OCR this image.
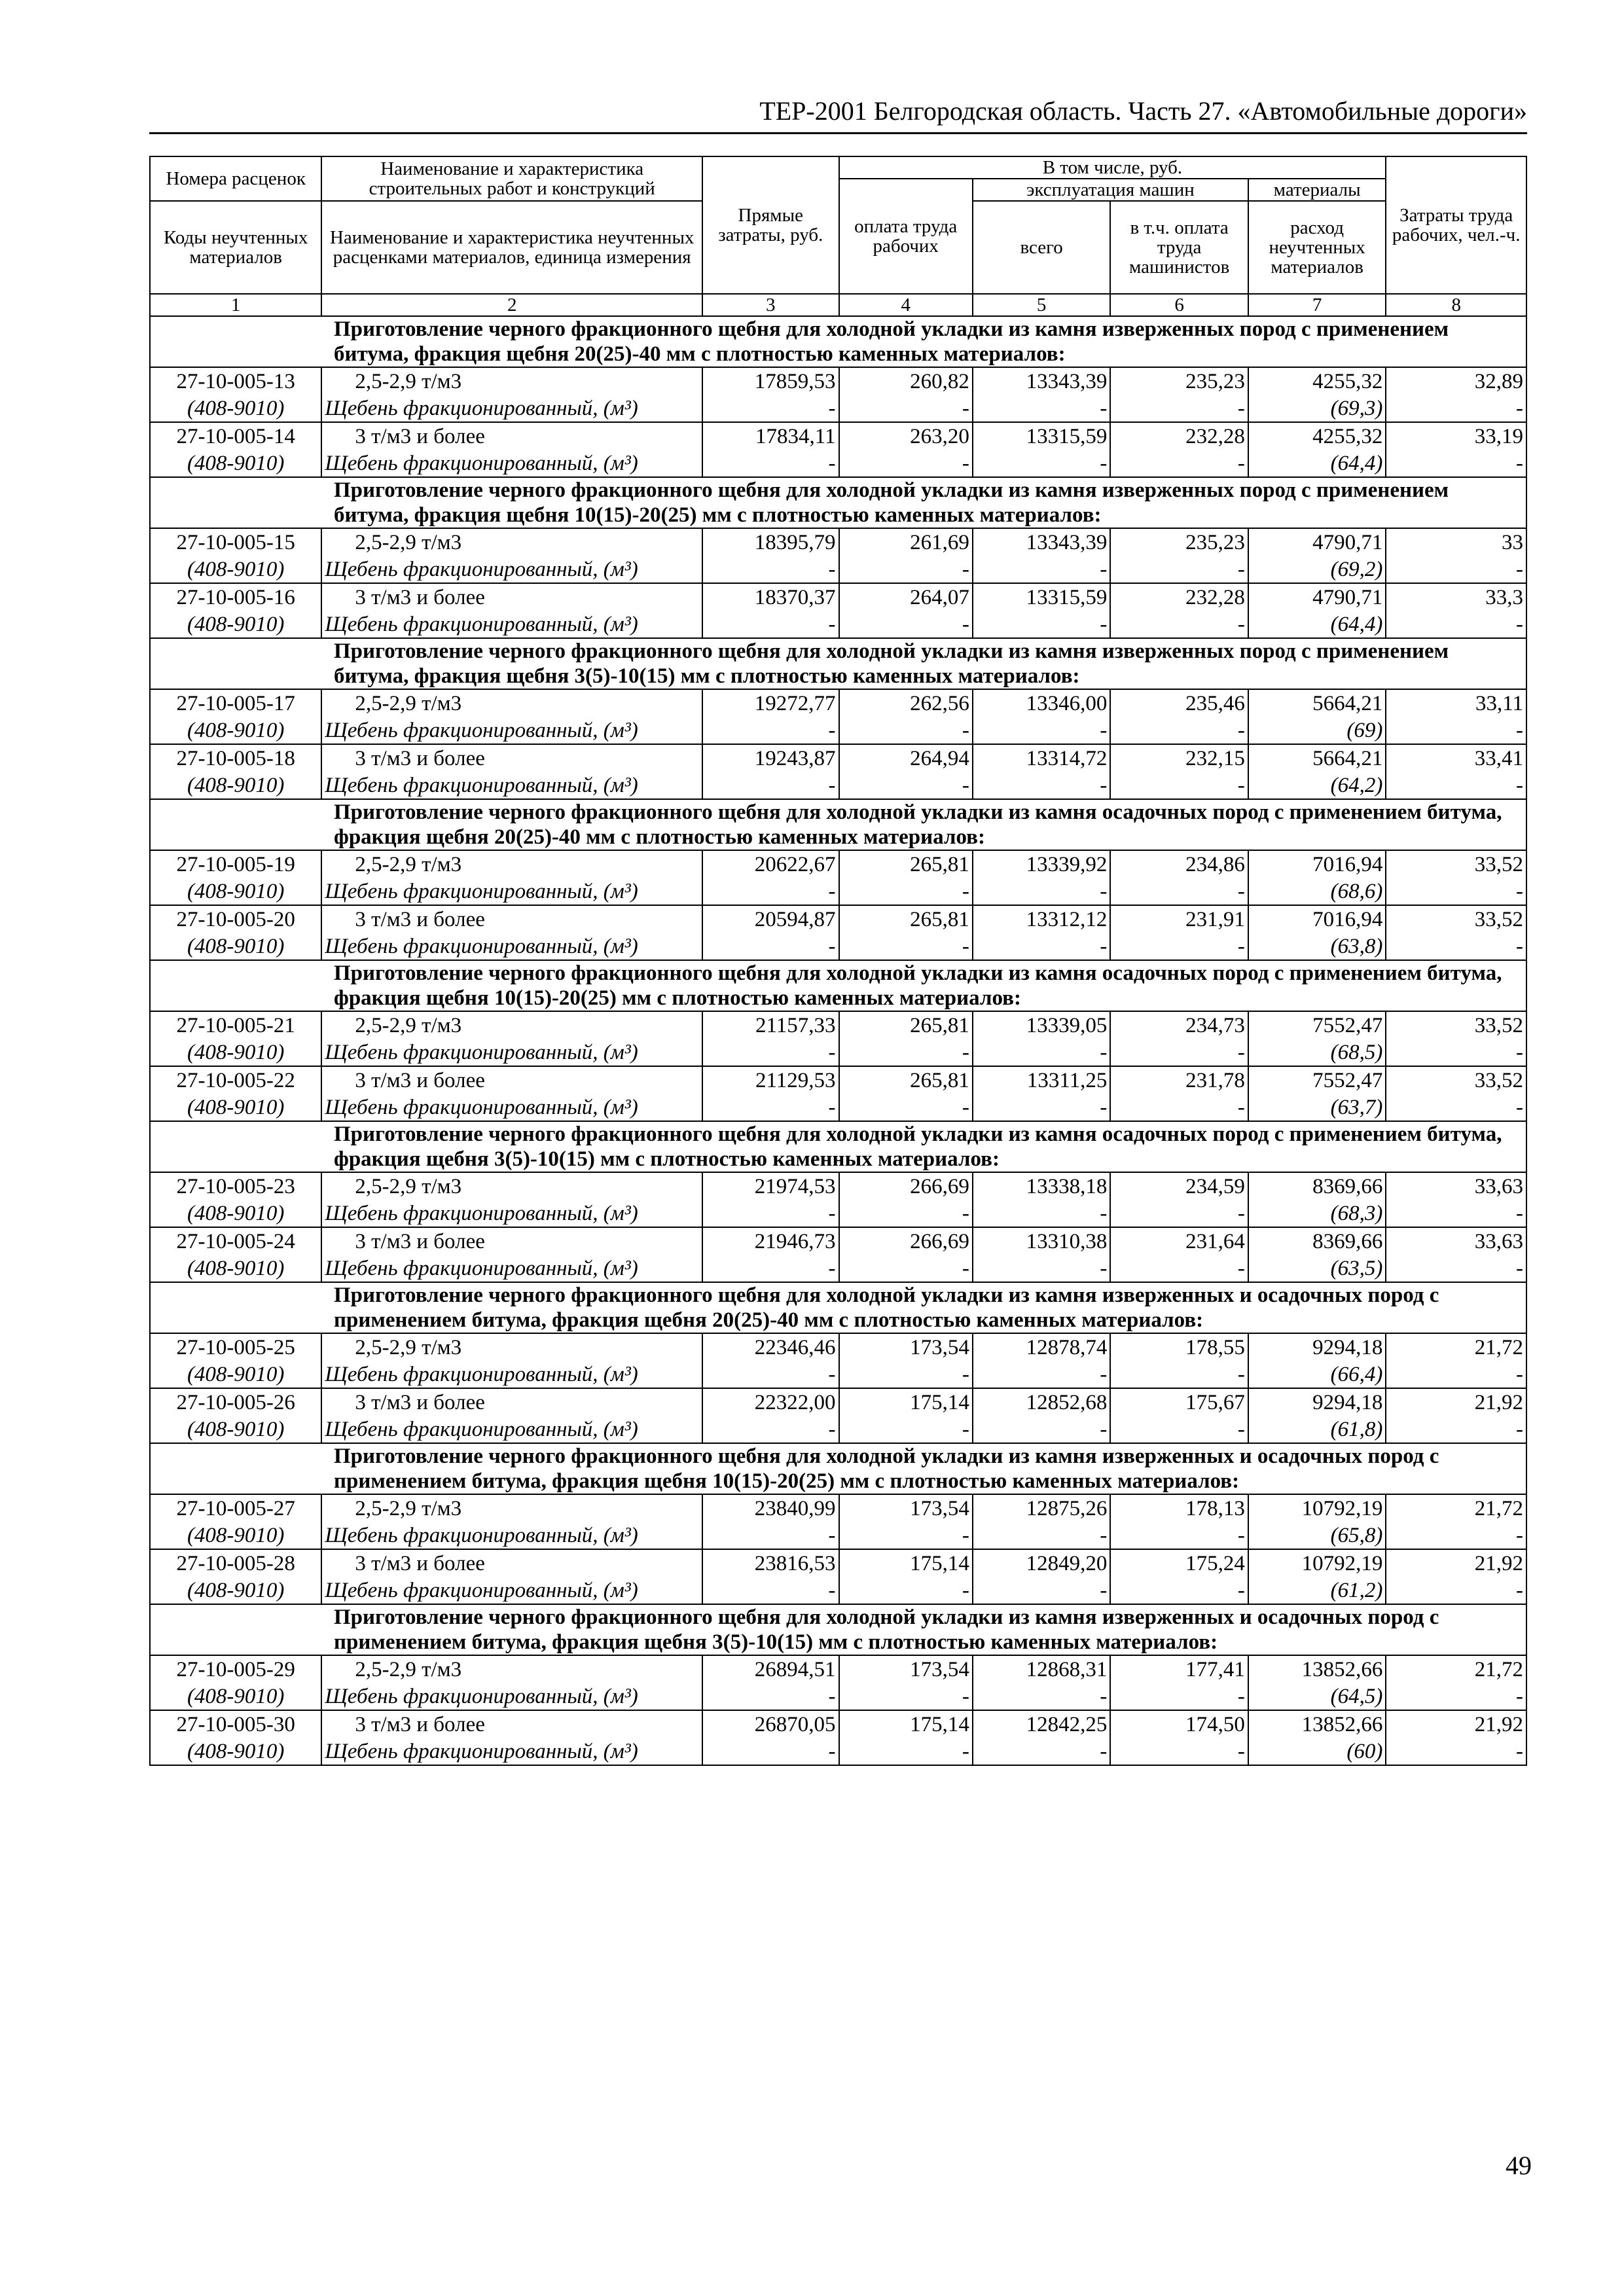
ТЕР-2001 Белгородская область. Часть 27. «Автомобильные дороги»
Номера расценок	Наименование и характеристика строительных работ и конструкций	Прямые затраты, руб.	В том числе, руб.				Затраты труда рабочих, чел.-ч.
			оплата труда рабочих	эксплуатация машин		материалы	
Коды неучтенных материалов	Наименование и характеристика неучтенных расценками материалов, единица измерения			всего	в т.ч. оплата труда машинистов	расход неучтенных материалов	

1	2	3	4	5	6	7	8
Приготовление черного фракционного щебня для холодной укладки из камня изверженных пород с применением битума, фракция щебня 20(25)-40 мм с плотностью каменных материалов:							
27-10-005-13	2,5-2,9 т/м3	17859,53	260,82	13343,39	235,23	4255,32	32,89
(408-9010)	Щебень фракционированный, (м³)	-	-	-	-	(69,3)	-
27-10-005-14	3 т/м3 и более	17834,11	263,20	13315,59	232,28	4255,32	33,19
(408-9010)	Щебень фракционированный, (м³)	-	-	-	-	(64,4)	-
Приготовление черного фракционного щебня для холодной укладки из камня изверженных пород с применением битума, фракция щебня 10(15)-20(25) мм с плотностью каменных материалов:							
27-10-005-15	2,5-2,9 т/м3	18395,79	261,69	13343,39	235,23	4790,71	33
(408-9010)	Щебень фракционированный, (м³)	-	-	-	-	(69,2)	-
27-10-005-16	3 т/м3 и более	18370,37	264,07	13315,59	232,28	4790,71	33,3
(408-9010)	Щебень фракционированный, (м³)	-	-	-	-	(64,4)	-
Приготовление черного фракционного щебня для холодной укладки из камня изверженных пород с применением битума, фракция щебня 3(5)-10(15) мм с плотностью каменных материалов:							
27-10-005-17	2,5-2,9 т/м3	19272,77	262,56	13346,00	235,46	5664,21	33,11
(408-9010)	Щебень фракционированный, (м³)	-	-	-	-	(69)	-
27-10-005-18	3 т/м3 и более	19243,87	264,94	13314,72	232,15	5664,21	33,41
(408-9010)	Щебень фракционированный, (м³)	-	-	-	-	(64,2)	-
Приготовление черного фракционного щебня для холодной укладки из камня осадочных пород с применением битума, фракция щебня 20(25)-40 мм с плотностью каменных материалов:							
27-10-005-19	2,5-2,9 т/м3	20622,67	265,81	13339,92	234,86	7016,94	33,52
(408-9010)	Щебень фракционированный, (м³)	-	-	-	-	(68,6)	-
27-10-005-20	3 т/м3 и более	20594,87	265,81	13312,12	231,91	7016,94	33,52
(408-9010)	Щебень фракционированный, (м³)	-	-	-	-	(63,8)	-
Приготовление черного фракционного щебня для холодной укладки из камня осадочных пород с применением битума, фракция щебня 10(15)-20(25) мм с плотностью каменных материалов:							
27-10-005-21	2,5-2,9 т/м3	21157,33	265,81	13339,05	234,73	7552,47	33,52
(408-9010)	Щебень фракционированный, (м³)	-	-	-	-	(68,5)	-
27-10-005-22	3 т/м3 и более	21129,53	265,81	13311,25	231,78	7552,47	33,52
(408-9010)	Щебень фракционированный, (м³)	-	-	-	-	(63,7)	-
Приготовление черного фракционного щебня для холодной укладки из камня осадочных пород с применением битума, фракция щебня 3(5)-10(15) мм с плотностью каменных материалов:							
27-10-005-23	2,5-2,9 т/м3	21974,53	266,69	13338,18	234,59	8369,66	33,63
(408-9010)	Щебень фракционированный, (м³)	-	-	-	-	(68,3)	-
27-10-005-24	3 т/м3 и более	21946,73	266,69	13310,38	231,64	8369,66	33,63
(408-9010)	Щебень фракционированный, (м³)	-	-	-	-	(63,5)	-
Приготовление черного фракционного щебня для холодной укладки из камня изверженных и осадочных пород с применением битума, фракция щебня 20(25)-40 мм с плотностью каменных материалов:							
27-10-005-25	2,5-2,9 т/м3	22346,46	173,54	12878,74	178,55	9294,18	21,72
(408-9010)	Щебень фракционированный, (м³)	-	-	-	-	(66,4)	-
27-10-005-26	3 т/м3 и более	22322,00	175,14	12852,68	175,67	9294,18	21,92
(408-9010)	Щебень фракционированный, (м³)	-	-	-	-	(61,8)	-
Приготовление черного фракционного щебня для холодной укладки из камня изверженных и осадочных пород с применением битума, фракция щебня 10(15)-20(25) мм с плотностью каменных материалов:							
27-10-005-27	2,5-2,9 т/м3	23840,99	173,54	12875,26	178,13	10792,19	21,72
(408-9010)	Щебень фракционированный, (м³)	-	-	-	-	(65,8)	-
27-10-005-28	3 т/м3 и более	23816,53	175,14	12849,20	175,24	10792,19	21,92
(408-9010)	Щебень фракционированный, (м³)	-	-	-	-	(61,2)	-
Приготовление черного фракционного щебня для холодной укладки из камня изверженных и осадочных пород с применением битума, фракция щебня 3(5)-10(15) мм с плотностью каменных материалов:							
27-10-005-29	2,5-2,9 т/м3	26894,51	173,54	12868,31	177,41	13852,66	21,72
(408-9010)	Щебень фракционированный, (м³)	-	-	-	-	(64,5)	-
27-10-005-30	3 т/м3 и более	26870,05	175,14	12842,25	174,50	13852,66	21,92
(408-9010)	Щебень фракционированный, (м³)	-	-	-	-	(60)	-
49
